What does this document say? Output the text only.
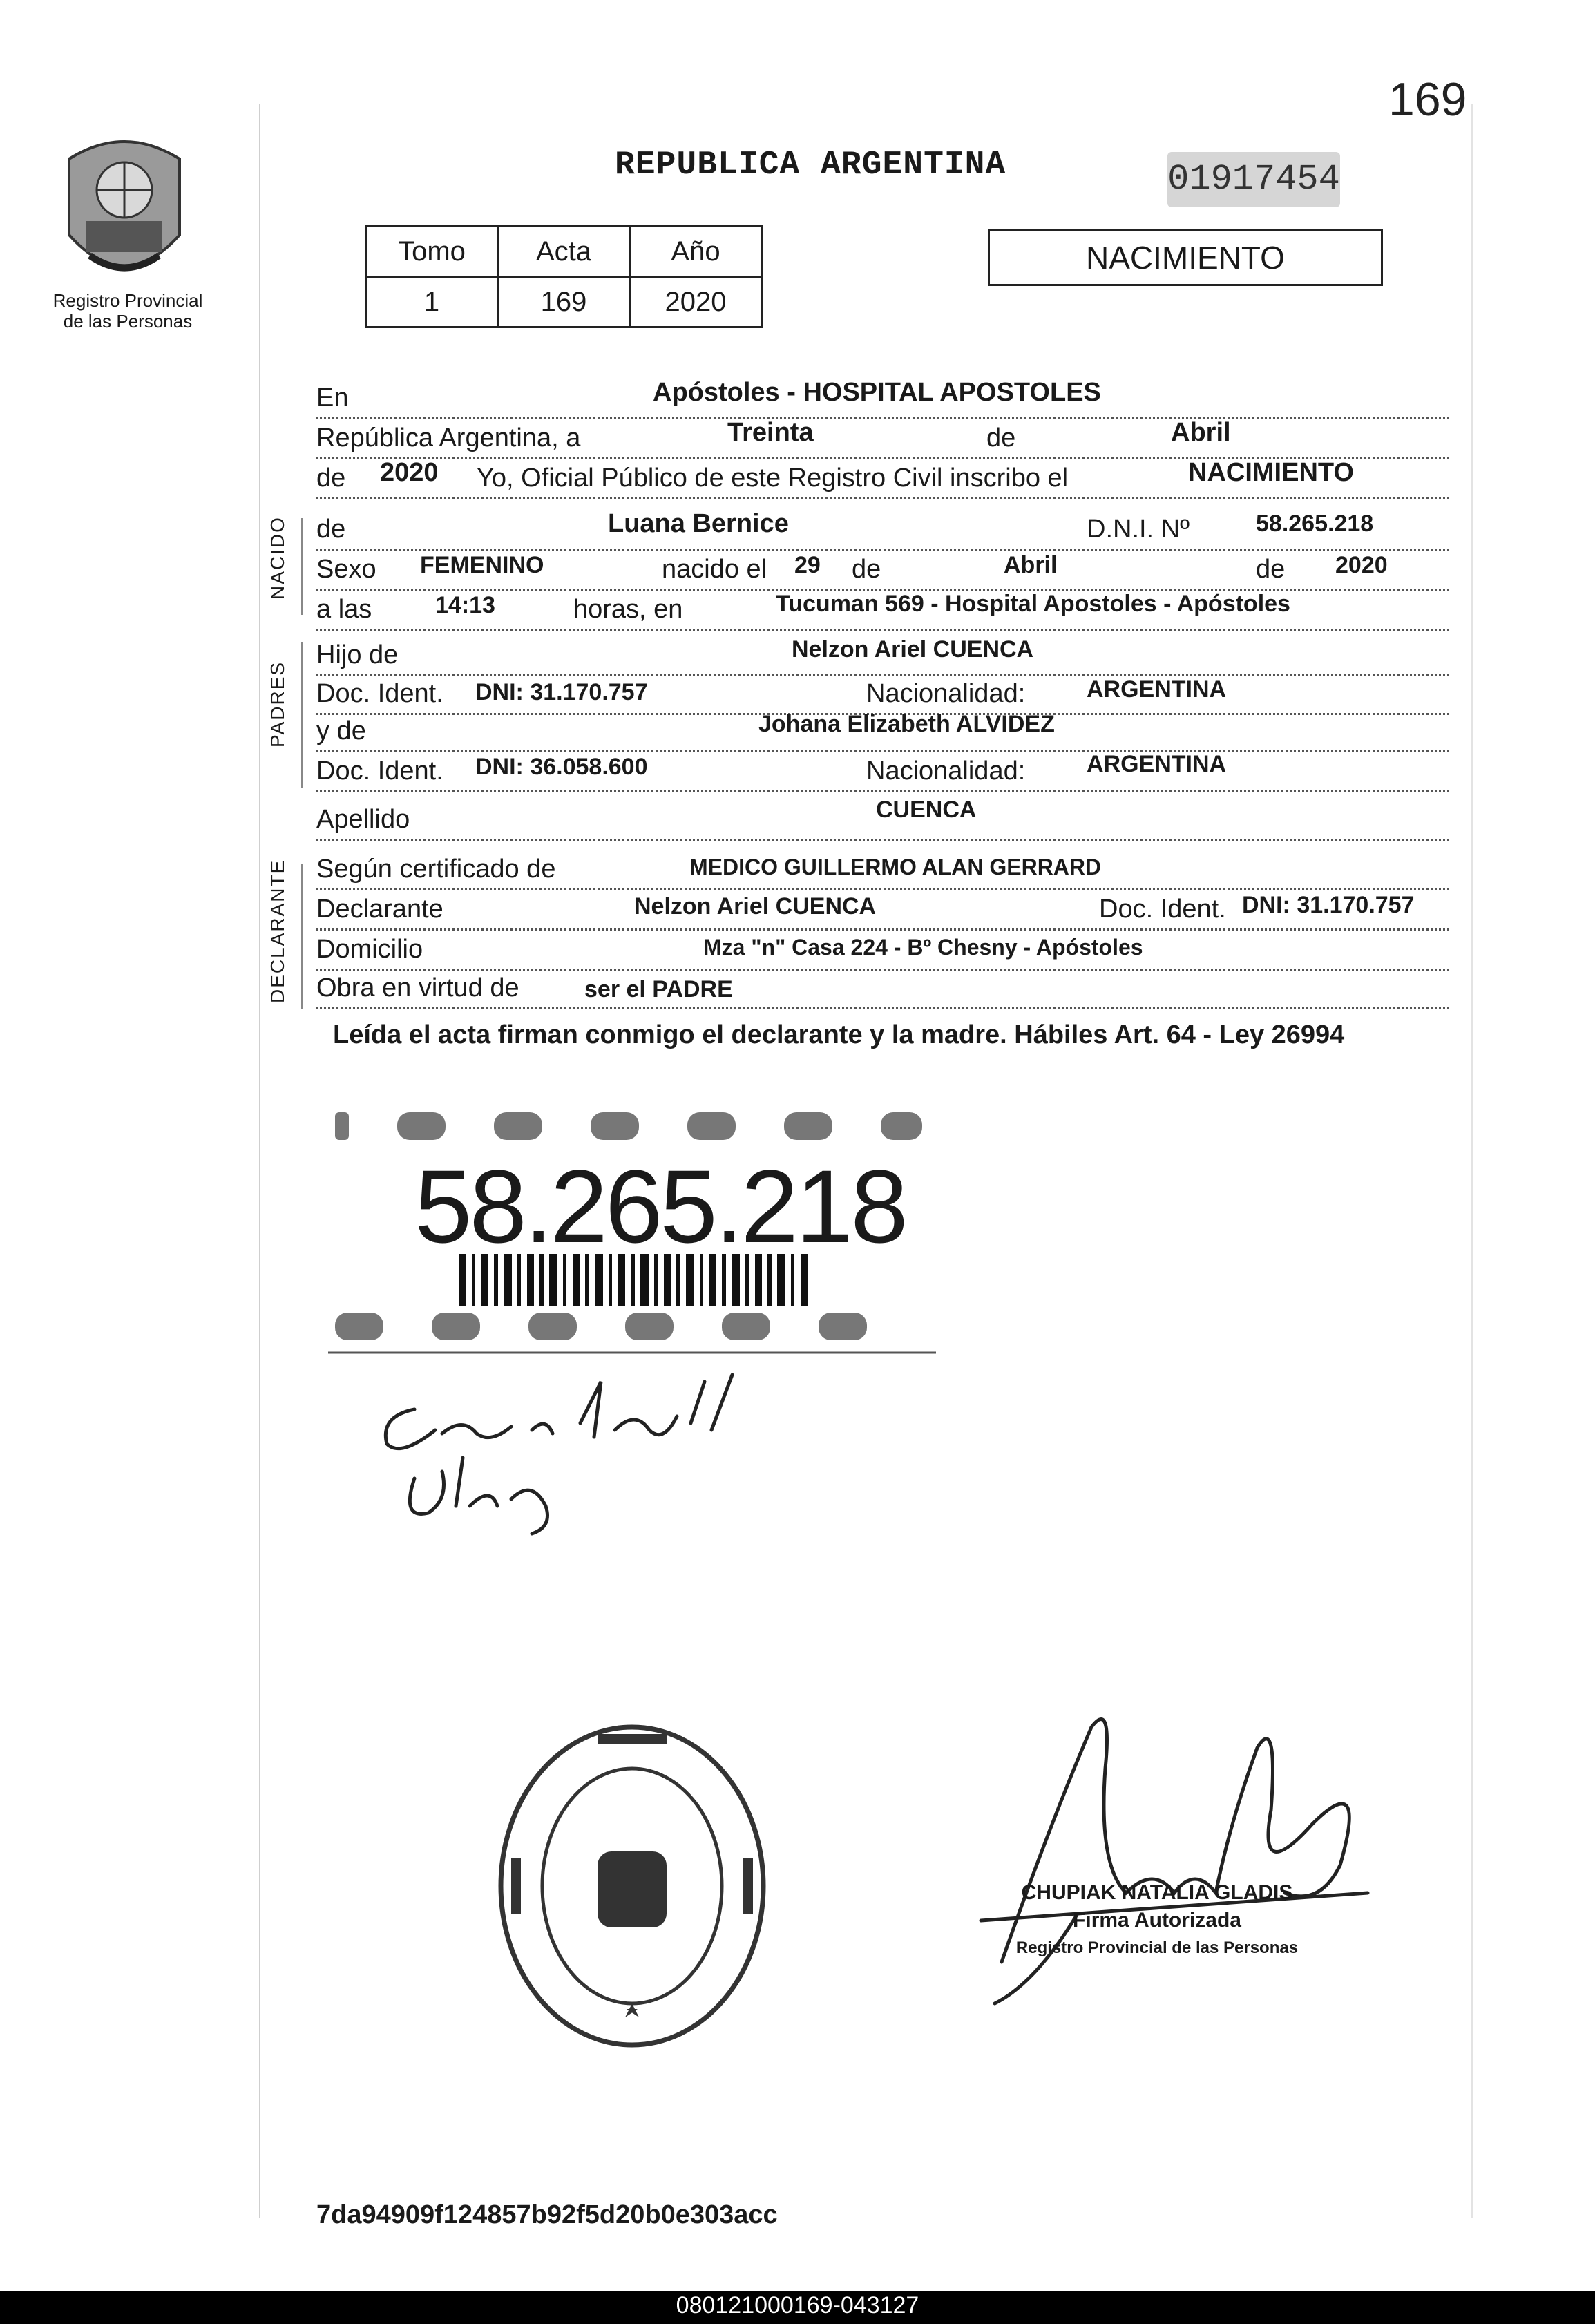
169
Registro Provincial
de las Personas
REPUBLICA ARGENTINA	01917454
NACIMIENTO
Tomo	Acta	Año
1	169	2020
NACIDO
PADRES
DECLARANTE
En	Apóstoles - HOSPITAL APOSTOLES
República Argentina, a	Treinta	de	Abril
de 2020 Yo, Oficial Público de este Registro Civil inscribo el	NACIMIENTO
de	Luana Bernice	D.N.I. Nº	58.265.218
Sexo FEMENINO	nacido el 29 de	Abril	de 2020
a las	14:13	horas, en	Tucuman 569 - Hospital Apostoles - Apóstoles
Hijo de	Nelzon Ariel CUENCA
Doc. Ident. DNI: 31.170.757	Nacionalidad:	ARGENTINA
y de	Johana Elizabeth ALVIDEZ
Doc. Ident. DNI: 36.058.600	Nacionalidad:	ARGENTINA
Apellido	CUENCA
Según certificado de	MEDICO GUILLERMO ALAN GERRARD
Declarante	Nelzon Ariel CUENCA	Doc. Ident. DNI: 31.170.757
Domicilio	Mza "n" Casa 224 - Bº Chesny - Apóstoles
Obra en virtud de	ser el PADRE
Leída el acta firman conmigo el declarante y la madre. Hábiles Art. 64 - Ley 26994
58.265.218
CHUPIAK NATALIA GLADIS
Firma Autorizada
Registro Provincial de las Personas
7da94909f124857b92f5d20b0e303acc
080121000169-043127
